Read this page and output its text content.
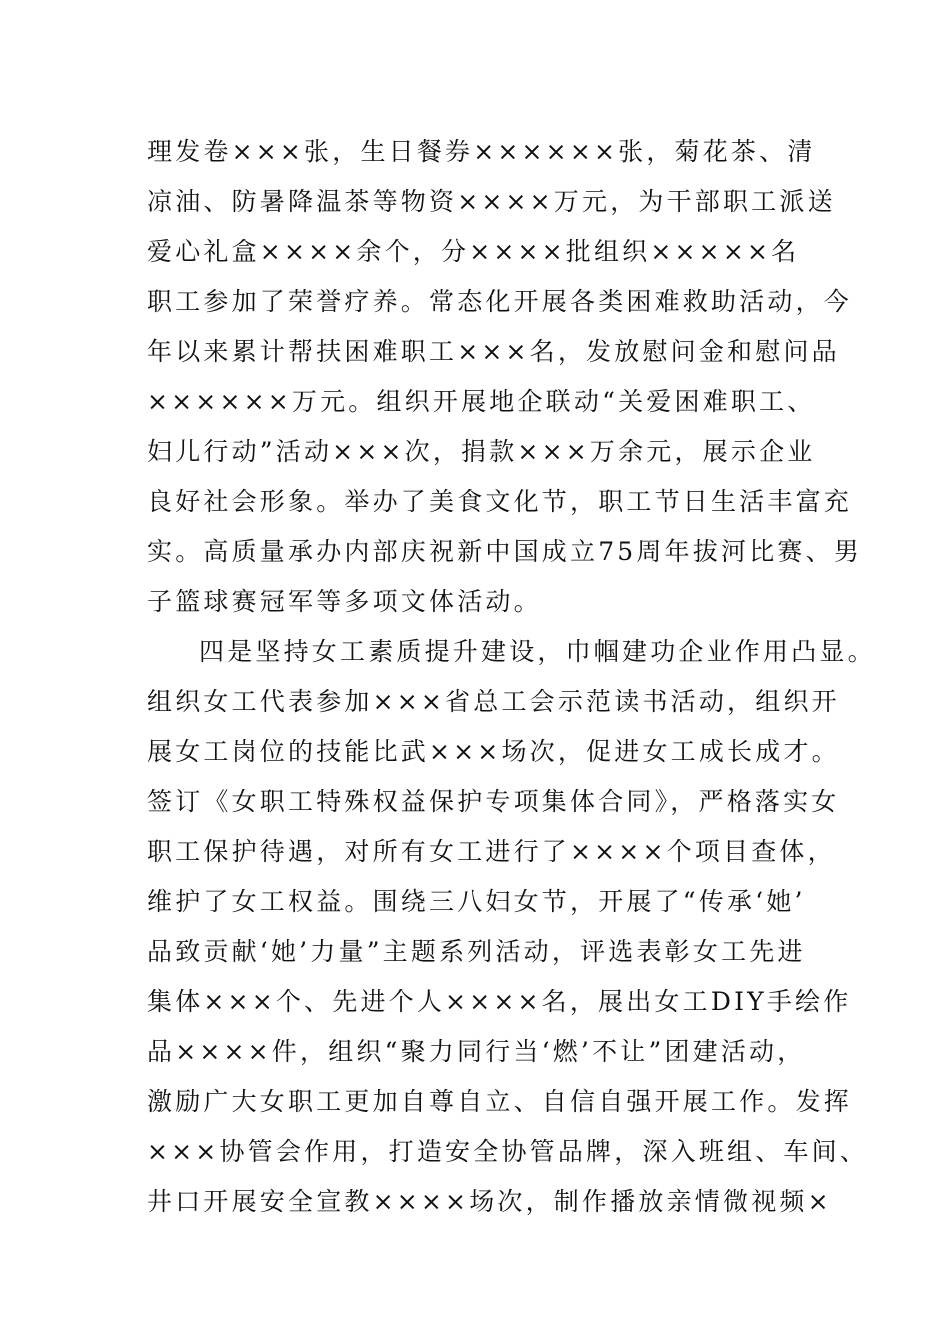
理发卷×××张，生日餐券××××××张，菊花茶、清
凉油、防暑降温茶等物资××××万元，为干部职工派送
爱心礼盒××××余个，分××××批组织×××××名
职工参加了荣誉疗养。常态化开展各类困难救助活动，今
年以来累计帮扶困难职工×××名，发放慰问金和慰问品
××××××万元。组织开展地企联动“关爱困难职工、
妇儿行动”活动×××次，捐款×××万余元，展示企业
良好社会形象。举办了美食文化节，职工节日生活丰富充
实。高质量承办内部庆祝新中国成立75周年拔河比赛、男
子篮球赛冠军等多项文体活动。
四是坚持女工素质提升建设，巾帼建功企业作用凸显。
组织女工代表参加×××省总工会示范读书活动，组织开
展女工岗位的技能比武×××场次，促进女工成长成才。
签订《女职工特殊权益保护专项集体合同》，严格落实女
职工保护待遇，对所有女工进行了××××个项目查体，
维护了女工权益。围绕三八妇女节，开展了“传承‘她’
品致贡献‘她’力量”主题系列活动，评选表彰女工先进
集体×××个、先进个人××××名，展出女工DIY手绘作
品××××件，组织“聚力同行当‘燃’不让”团建活动，
激励广大女职工更加自尊自立、自信自强开展工作。发挥
×××协管会作用，打造安全协管品牌，深入班组、车间、
井口开展安全宣教××××场次，制作播放亲情微视频×
